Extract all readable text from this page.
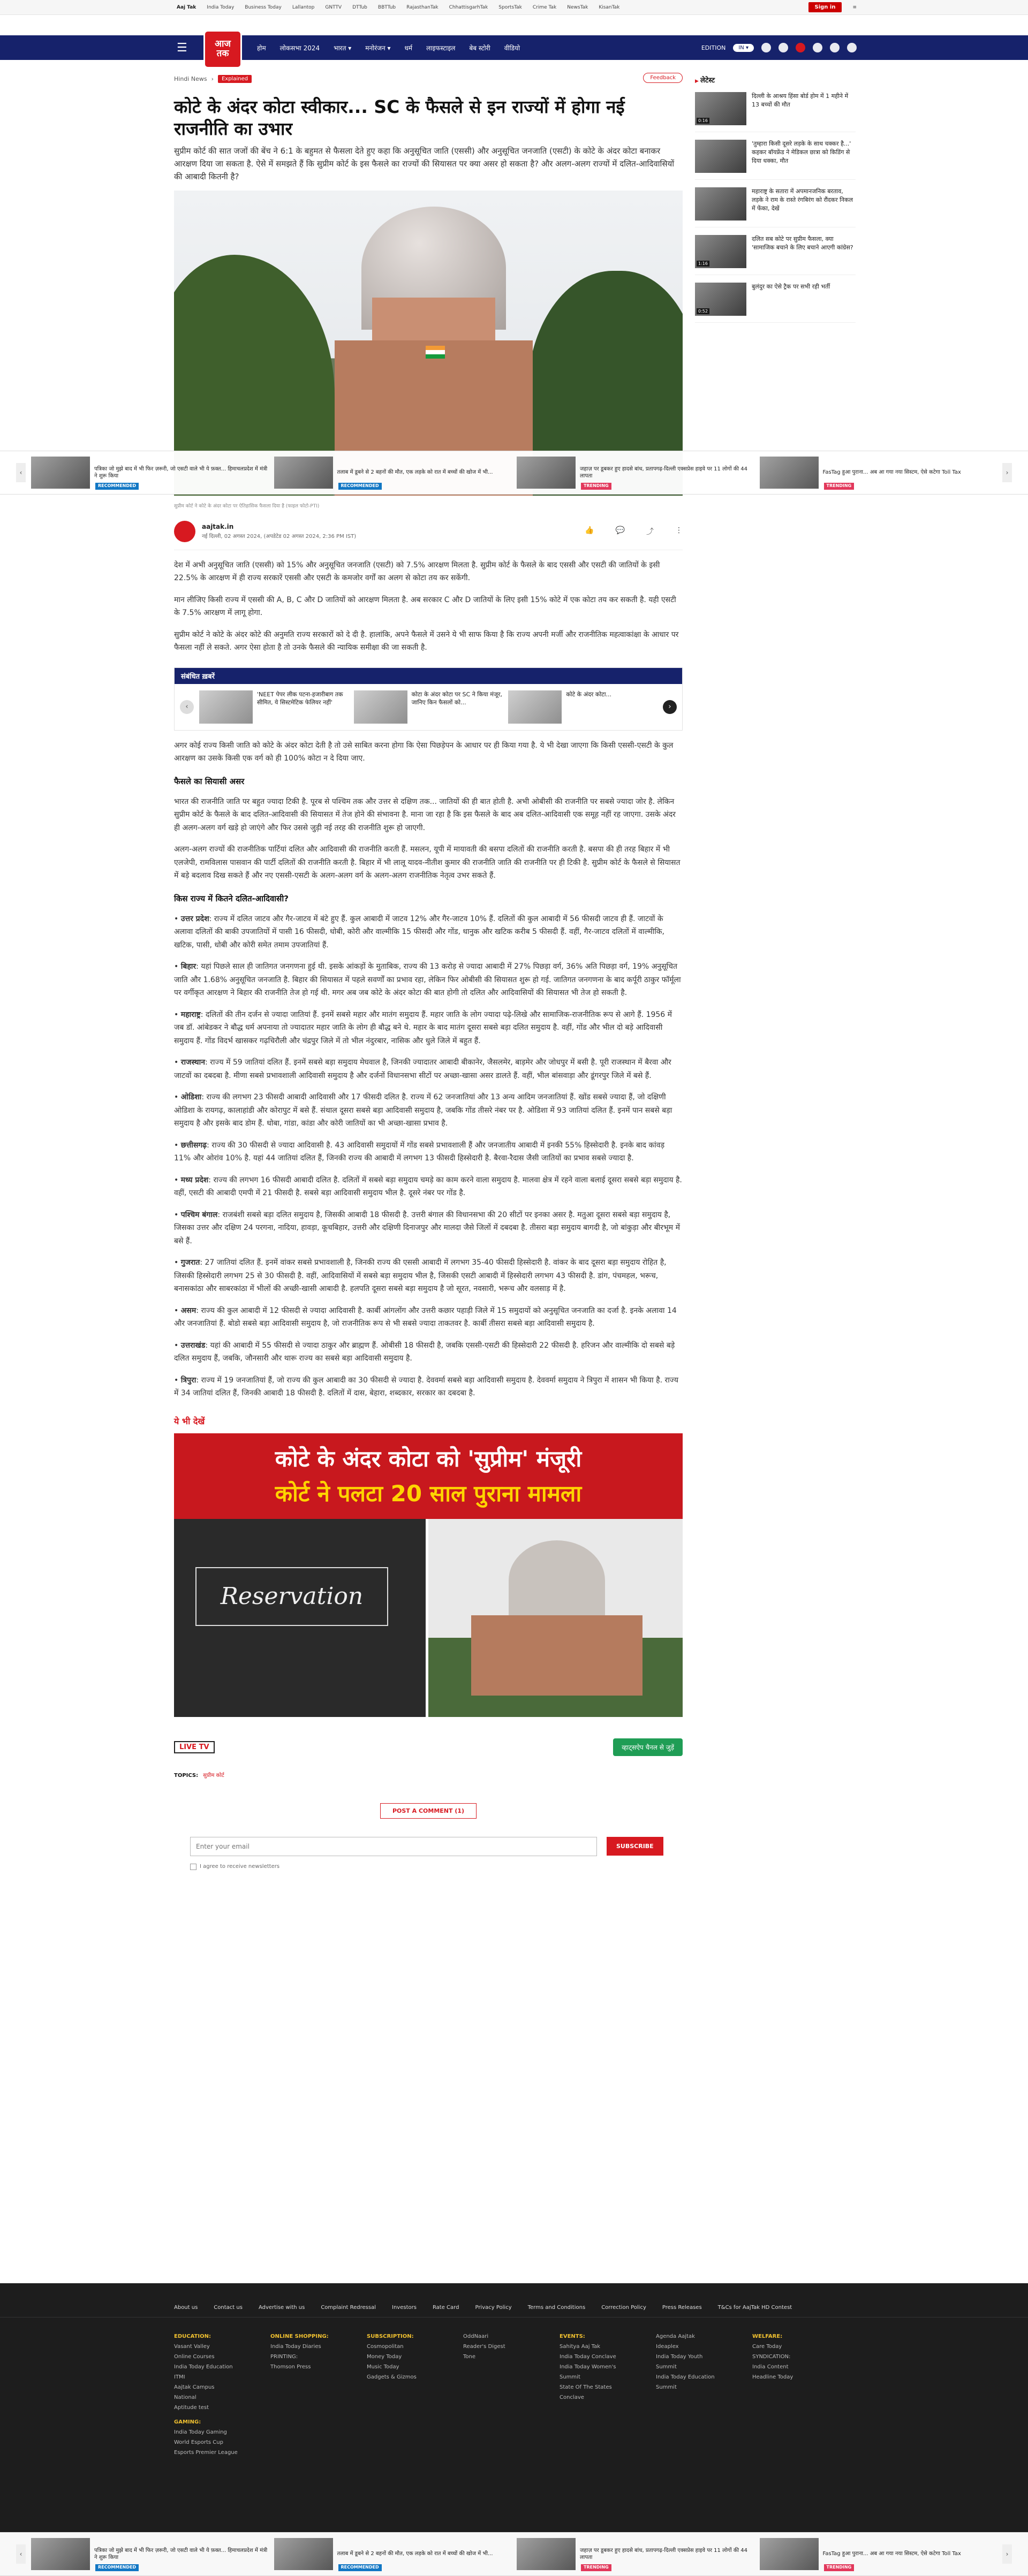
Aaj Tak India Today Business Today Lallantop GNTTV DTTub BBTTub RajasthanTak ChhattisgarhTak SportsTak Crime Tak NewsTak KisanTak	Sign in	≡
☰	आज
तक
होम लोकसभा 2024 भारत ▾ मनोरंजन ▾ धर्म लाइफस्टाइल बेब स्टोरी वीडियो	EDITION	IN ▾
Hindi News ›	Explained	Feedback
कोटे के अंदर कोटा स्वीकार... SC के फैसले से इन राज्यों में होगा नई राजनीति का उभार

सुप्रीम कोर्ट की सात जजों की बेंच ने 6:1 के बहुमत से फैसला देते हुए कहा कि अनुसूचित जाति (एससी) और अनुसूचित जनजाति (एसटी) के कोटे के अंदर कोटा बनाकर आरक्षण दिया जा सकता है. ऐसे में समझते हैं कि सुप्रीम कोर्ट के इस फैसले का राज्यों की सियासत पर क्या असर हो सकता है? और अलग-अलग राज्यों में दलित-आदिवासियों की आबादी कितनी है?

सुप्रीम कोर्ट ने कोटे के अंदर कोटा पर ऐतिहासिक फैसला दिया है (फाइल फोटो-PTI)

aajtak.in
नई दिल्ली, 02 अगस्त 2024, (अपडेटेड 02 अगस्त 2024, 2:36 PM IST)
👍	💬	⤴	⋮

देश में अभी अनुसूचित जाति (एससी) को 15% और अनुसूचित जनजाति (एसटी) को 7.5% आरक्षण मिलता है. सुप्रीम कोर्ट के फैसले के बाद एससी और एसटी की जातियों के इसी 22.5% के आरक्षण में ही राज्य सरकारें एससी और एसटी के कमजोर वर्गों का अलग से कोटा तय कर सकेंगी.

मान लीजिए किसी राज्य में एससी की A, B, C और D जातियों को आरक्षण मिलता है. अब सरकार C और D जातियों के लिए इसी 15% कोटे में एक कोटा तय कर सकती है. यही एसटी के 7.5% आरक्षण में लागू होगा.

सुप्रीम कोर्ट ने कोटे के अंदर कोटे की अनुमति राज्य सरकारों को दे दी है. हालांकि, अपने फैसले में उसने ये भी साफ किया है कि राज्य अपनी मर्जी और राजनीतिक महत्वाकांक्षा के आधार पर फैसला नहीं ले सकते. अगर ऐसा होता है तो उनके फैसले की न्यायिक समीक्षा की जा सकती है.

संबंधित ख़बरें
‹
'NEET पेपर लीक पटना-हजारीबाग तक सीमित, ये सिस्टमेटिक फेलियर नहीं'
कोटा के अंदर कोटा पर SC ने किया मंजूर, जानिए किन फैसलों को...
कोटे के अंदर कोटा...
›

अगर कोई राज्य किसी जाति को कोटे के अंदर कोटा देती है तो उसे साबित करना होगा कि ऐसा पिछड़ेपन के आधार पर ही किया गया है. ये भी देखा जाएगा कि किसी एससी-एसटी के कुल आरक्षण का उसके किसी एक वर्ग को ही 100% कोटा न दे दिया जाए.

फैसले का सियासी असर

भारत की राजनीति जाति पर बहुत ज्यादा टिकी है. पूरब से पश्चिम तक और उत्तर से दक्षिण तक... जातियों की ही बात होती है. अभी ओबीसी की राजनीति पर सबसे ज्यादा जोर है. लेकिन सुप्रीम कोर्ट के फैसले के बाद दलित-आदिवासी की सियासत में तेज होने की संभावना है. माना जा रहा है कि इस फैसले के बाद अब दलित-आदिवासी एक समूह नहीं रह जाएगा. उसके अंदर ही अलग-अलग वर्ग खड़े हो जाएंगे और फिर उससे जुड़ी नई तरह की राजनीति शुरू हो जाएगी.

अलग-अलग राज्यों की राजनीतिक पार्टियां दलित और आदिवासी की राजनीति करती हैं. मसलन, यूपी में मायावती की बसपा दलितों की राजनीति करती है. बसपा की ही तरह बिहार में भी एलजेपी, रामविलास पासवान की पार्टी दलितों की राजनीति करती है. बिहार में भी लालू यादव-नीतीश कुमार की राजनीति जाति की राजनीति पर ही टिकी है. सुप्रीम कोर्ट के फैसले से सियासत में बड़े बदलाव दिख सकते हैं और नए एससी-एसटी के अलग-अलग वर्ग के अलग-अलग राजनीतिक नेतृत्व उभर सकते हैं.

किस राज्य में कितने दलित-आदिवासी?

• उत्तर प्रदेश: राज्य में दलित जाटव और गैर-जाटव में बंटे हुए हैं. कुल आबादी में जाटव 12% और गैर-जाटव 10% हैं. दलितों की कुल आबादी में 56 फीसदी जाटव ही हैं. जाटवों के अलावा दलितों की बाकी उपजातियों में पासी 16 फीसदी, धोबी, कोरी और वाल्मीकि 15 फीसदी और गोंड, धानुक और खटिक करीब 5 फीसदी हैं. वहीं, गैर-जाटव दलितों में वाल्मीकि, खटिक, पासी, धोबी और कोरी समेत तमाम उपजातियां हैं.

• बिहार: यहां पिछले साल ही जातिगत जनगणना हुई थी. इसके आंकड़ों के मुताबिक, राज्य की 13 करोड़ से ज्यादा आबादी में 27% पिछड़ा वर्ग, 36% अति पिछड़ा वर्ग, 19% अनुसूचित जाति और 1.68% अनुसूचित जनजाति है. बिहार की सियासत में पहले सवर्णों का प्रभाव रहा, लेकिन फिर ओबीसी की सियासत शुरू हो गई. जातिगत जनगणना के बाद कर्पूरी ठाकुर फॉर्मूला पर वर्गीकृत आरक्षण ने बिहार की राजनीति तेज हो गई थी. मगर अब जब कोटे के अंदर कोटा की बात होगी तो दलित और आदिवासियों की सियासत भी तेज हो सकती है.

• महाराष्ट्र: दलितों की तीन दर्जन से ज्यादा जातियां हैं. इनमें सबसे महार और मातंग समुदाय हैं. महार जाति के लोग ज्यादा पढ़े-लिखे और सामाजिक-राजनीतिक रूप से आगे हैं. 1956 में जब डॉ. आंबेडकर ने बौद्ध धर्म अपनाया तो ज्यादातर महार जाति के लोग ही बौद्ध बने थे. महार के बाद मातंग दूसरा सबसे बड़ा दलित समुदाय है. वहीं, गोंड और भील दो बड़े आदिवासी समुदाय हैं. गोंड विदर्भ खासकर गढ़चिरौली और चंद्रपुर जिले में तो भील नंदुरबार, नासिक और धुले जिले में बहुत हैं.

• राजस्थान: राज्य में 59 जातियां दलित हैं. इनमें सबसे बड़ा समुदाय मेघवाल है, जिनकी ज्यादातर आबादी बीकानेर, जैसलमेर, बाड़मेर और जोधपुर में बसी है. पूरी राजस्थान में बैरवा और जाटवों का दबदबा है. मीणा सबसे प्रभावशाली आदिवासी समुदाय है और दर्जनों विधानसभा सीटों पर अच्छा-खासा असर डालते हैं. वहीं, भील बांसवाड़ा और डूंगरपुर जिले में बसे हैं.

• ओडिशा: राज्य की लगभग 23 फीसदी आबादी आदिवासी और 17 फीसदी दलित है. राज्य में 62 जनजातियां और 13 अन्य आदिम जनजातियां हैं. खोंड सबसे ज्यादा हैं, जो दक्षिणी ओडिशा के रायगढ़, कालाहांडी और कोरापुट में बसे हैं. संथाल दूसरा सबसे बड़ा आदिवासी समुदाय है, जबकि गोंड तीसरे नंबर पर है. ओडिशा में 93 जातियां दलित हैं. इनमें पान सबसे बड़ा समुदाय है और इसके बाद डोम हैं. धोबा, गांडा, कांडा और कोरी जातियों का भी अच्छा-खासा प्रभाव है.

• छत्तीसगढ़: राज्य की 30 फीसदी से ज्यादा आदिवासी है. 43 आदिवासी समुदायों में गोंड सबसे प्रभावशाली हैं और जनजातीय आबादी में इनकी 55% हिस्सेदारी है. इनके बाद कांवड़ 11% और ओरांव 10% है. यहां 44 जातियां दलित हैं, जिनकी राज्य की आबादी में लगभग 13 फीसदी हिस्सेदारी है. बैरवा-रैदास जैसी जातियों का प्रभाव सबसे ज्यादा है.

• मध्य प्रदेश: राज्य की लगभग 16 फीसदी आबादी दलित है. दलितों में सबसे बड़ा समुदाय चमड़े का काम करने वाला समुदाय है. मालवा क्षेत्र में रहने वाला बलाई दूसरा सबसे बड़ा समुदाय है. वहीं, एसटी की आबादी एमपी में 21 फीसदी है. सबसे बड़ा आदिवासी समुदाय भील है. दूसरे नंबर पर गोंड है.

• पश्चिम बंगाल: राजबंशी सबसे बड़ा दलित समुदाय है, जिसकी आबादी 18 फीसदी है. उत्तरी बंगाल की विधानसभा की 20 सीटों पर इनका असर है. मतुआ दूसरा सबसे बड़ा समुदाय है, जिसका उत्तर और दक्षिण 24 परगना, नादिया, हावड़ा, कूचबिहार, उत्तरी और दक्षिणी दिनाजपुर और मालदा जैसे जिलों में दबदबा है. तीसरा बड़ा समुदाय बागदी है, जो बांकुड़ा और बीरभूम में बसे हैं.

• गुजरात: 27 जातियां दलित हैं. इनमें वांकर सबसे प्रभावशाली है, जिनकी राज्य की एससी आबादी में लगभग 35-40 फीसदी हिस्सेदारी है. वांकर के बाद दूसरा बड़ा समुदाय रोहित है, जिसकी हिस्सेदारी लगभग 25 से 30 फीसदी है. वहीं, आदिवासियों में सबसे बड़ा समुदाय भील है, जिसकी एसटी आबादी में हिस्सेदारी लगभग 43 फीसदी है. डांग, पंचमहल, भरूच, बनासकांठा और साबरकांठा में भीलों की अच्छी-खासी आबादी है. हलपति दूसरा सबसे बड़ा समुदाय है जो सूरत, नवसारी, भरूच और वलसाड़ में है.

• असम: राज्य की कुल आबादी में 12 फीसदी से ज्यादा आदिवासी है. कार्बी आंगलोंग और उत्तरी कछार पहाड़ी जिले में 15 समुदायों को अनुसूचित जनजाति का दर्जा है. इनके अलावा 14 और जनजातियां हैं. बोडो सबसे बड़ा आदिवासी समुदाय है, जो राजनीतिक रूप से भी सबसे ज्यादा ताकतवर है. कार्बी तीसरा सबसे बड़ा आदिवासी समुदाय है.

• उत्तराखंड: यहां की आबादी में 55 फीसदी से ज्यादा ठाकुर और ब्राह्मण हैं. ओबीसी 18 फीसदी है, जबकि एससी-एसटी की हिस्सेदारी 22 फीसदी है. हरिजन और वाल्मीकि दो सबसे बड़े दलित समुदाय हैं, जबकि, जौनसारी और थारू राज्य का सबसे बड़ा आदिवासी समुदाय है.

• त्रिपुरा: राज्य में 19 जनजातियां हैं, जो राज्य की कुल आबादी का 30 फीसदी से ज्यादा है. देववर्मा सबसे बड़ा आदिवासी समुदाय है. देववर्मा समुदाय ने त्रिपुरा में शासन भी किया है. राज्य में 34 जातियां दलित हैं, जिनकी आबादी 18 फीसदी है. दलितों में दास, बेहारा, शब्दकार, सरकार का दबदबा है.

ये भी देखें
कोटे के अंदर कोटा को 'सुप्रीम' मंजूरी
कोर्ट ने पलटा 20 साल पुराना मामला
Reservation
LIVE TV	व्हाट्सऐप चैनल से जुड़ें
TOPICS: सुप्रीम कोर्ट
POST A COMMENT (1)
Enter your email
SUBSCRIBE
I agree to receive newsletters
▶ लेटेस्ट
0:16
दिल्ली के आश्रय हिंसा बोर्ड होम में 1 महीने में 13 बच्चों की मौत
'तुम्हारा किसी दूसरे लड़के के साथ चक्कर है...' कहकर बॉयफ्रेंड ने मेडिकल छात्रा को किडिंग से दिया धक्का, मौत
महाराष्ट्र के सतारा में अपमानजनिक बरताव, लड़के ने राम के रास्ते रंगबिरंग को रौंदकर निकल में फेंका, देखें
1:16
दलित सब कोटे पर सुप्रीम फैसला, क्या 'सामाजिक बचाने के लिए बचाने आएगी कांग्रेस?
0:52
बुलंदुर का ऐसे ट्रैक पर सभी रही भर्ती
‹	पत्रिका जो मुझे बाद में भी फिर ज़रूरी, जो एसटी वाले भी ये फ़क्त... हिमाचलप्रदेश में मंत्री ने शुरू किया
RECOMMENDED
तलाब में डूबने से 2 बहनों की मौत, एक लड़के को रात में बच्चों की खोज में भी...
RECOMMENDED
जहाज़ पर डूबकर हुए हादसे बांध, प्रतापगढ़-दिल्ली एक्सप्रेस हाइवे पर 11 लोगों की 44 लापता
TRENDING
FasTag हुआ पुराना... अब आ गया नया सिस्टम, ऐसे कटेगा Toll Tax
TRENDING
›
About us	Contact us	Advertise with us	Complaint Redressal	Investors	Rate Card	Privacy Policy	Terms and Conditions	Correction Policy	Press Releases	T&Cs for AajTak HD Contest
EDUCATION:
Vasant Valley
Online Courses
India Today Education
ITMI
Aajtak Campus National
Aptitude test
GAMING:
India Today Gaming
World Esports Cup
Esports Premier League
ONLINE SHOPPING:
India Today Diaries
PRINTING:
Thomson Press
SUBSCRIPTION:
Cosmopolitan
Money Today
Music Today
Gadgets & Gizmos
OddNaari
Reader's Digest
Tone
EVENTS:
Sahitya Aaj Tak
India Today Conclave
India Today Women's Summit
State Of The States Conclave
Agenda Aajtak
Ideaplex
India Today Youth Summit
India Today Education Summit
WELFARE:
Care Today
SYNDICATION:
India Content
Headline Today
‹	पत्रिका जो मुझे बाद में भी फिर ज़रूरी, जो एसटी वाले भी ये फ़क्त... हिमाचलप्रदेश में मंत्री ने शुरू किया
RECOMMENDED
तलाब में डूबने से 2 बहनों की मौत, एक लड़के को रात में बच्चों की खोज में भी...
RECOMMENDED
जहाज़ पर डूबकर हुए हादसे बांध, प्रतापगढ़-दिल्ली एक्सप्रेस हाइवे पर 11 लोगों की 44 लापता
TRENDING
FasTag हुआ पुराना... अब आ गया नया सिस्टम, ऐसे कटेगा Toll Tax
TRENDING
›
